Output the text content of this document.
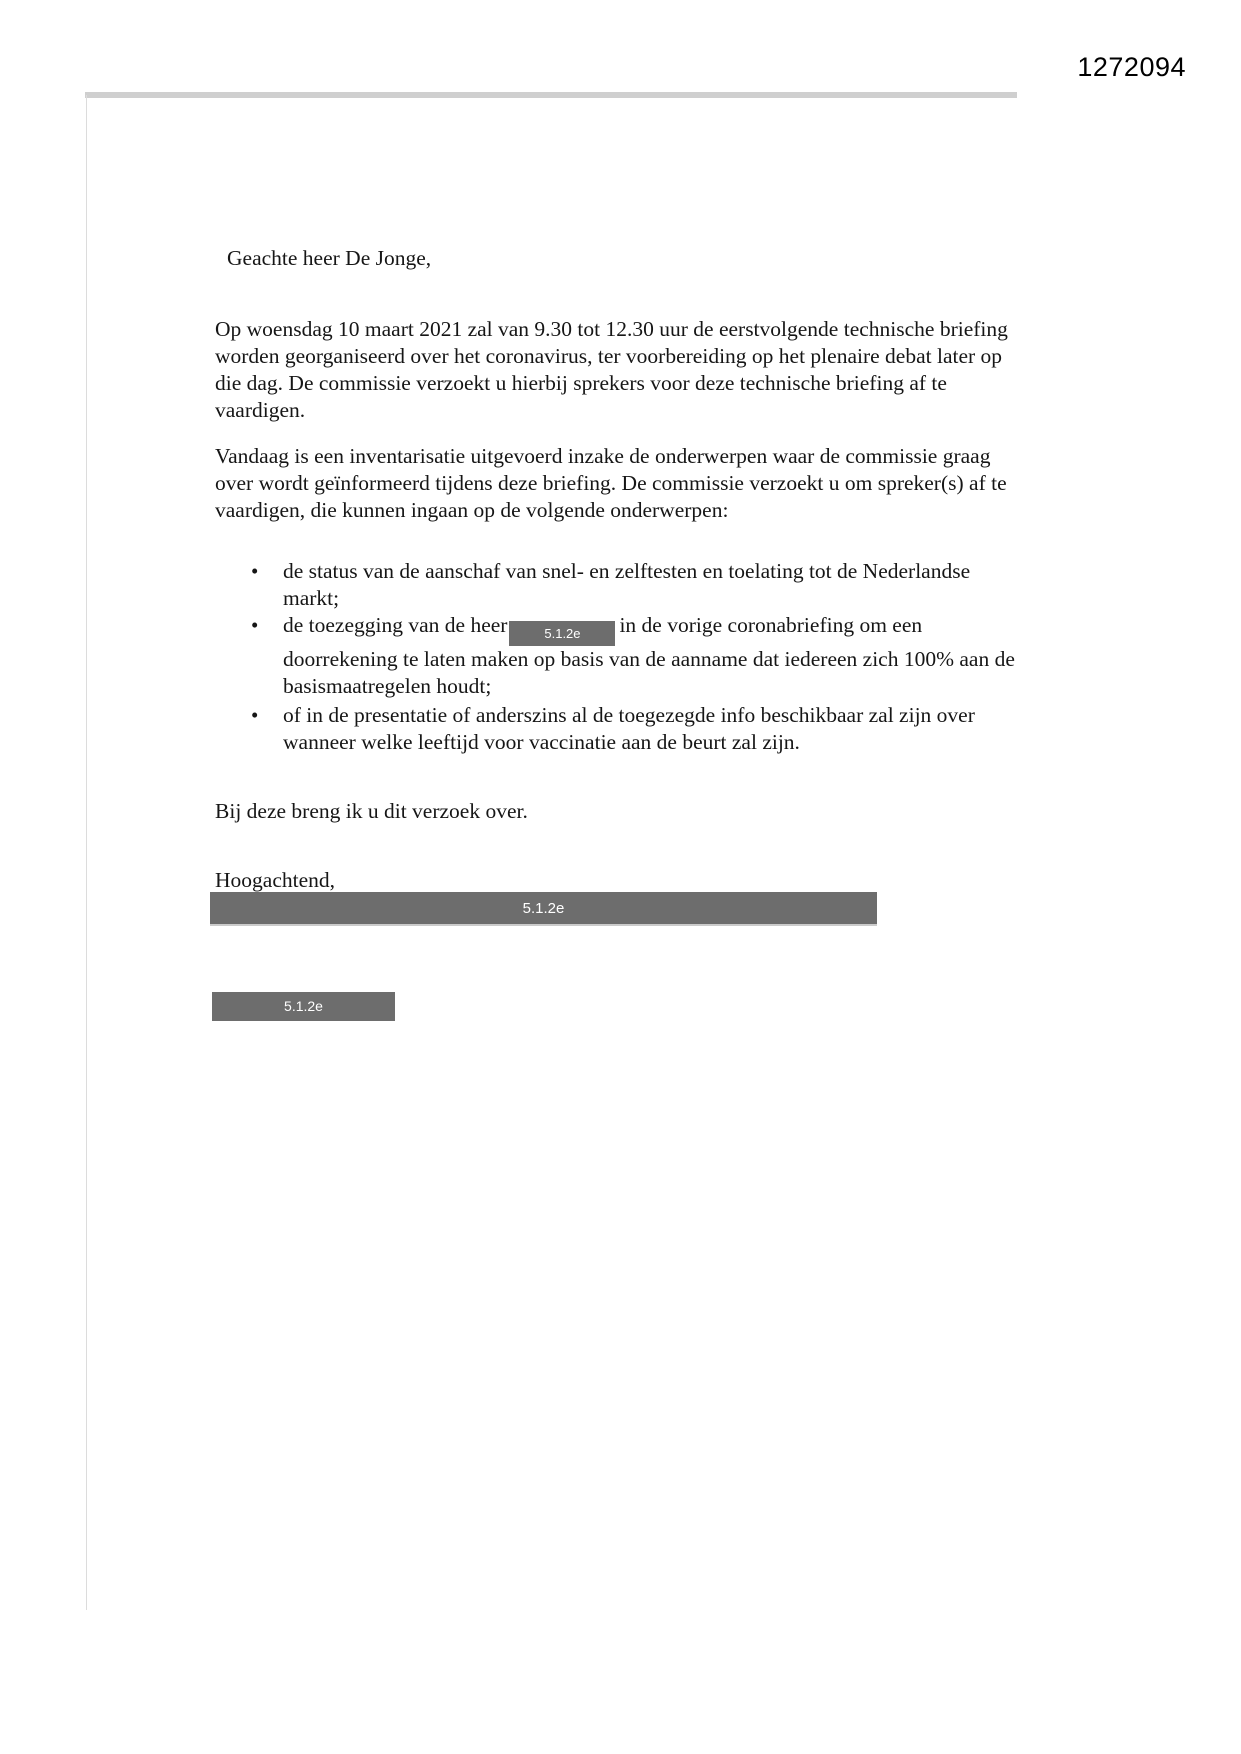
1272094
Geachte heer De Jonge,
Op woensdag 10 maart 2021 zal van 9.30 tot 12.30 uur de eerstvolgende technische briefing
worden georganiseerd over het coronavirus, ter voorbereiding op het plenaire debat later op
die dag. De commissie verzoekt u hierbij sprekers voor deze technische briefing af te
vaardigen.
Vandaag is een inventarisatie uitgevoerd inzake de onderwerpen waar de commissie graag
over wordt geïnformeerd tijdens deze briefing. De commissie verzoekt u om spreker(s) af te
vaardigen, die kunnen ingaan op de volgende onderwerpen:
•	de status van de aanschaf van snel- en zelftesten en toelating tot de Nederlandse
markt;
•	de toezegging van de heer	5.1.2e in de vorige coronabriefing om een
doorrekening te laten maken op basis van de aanname dat iedereen zich 100% aan de
basismaatregelen houdt;
•	of in de presentatie of anderszins al de toegezegde info beschikbaar zal zijn over
wanneer welke leeftijd voor vaccinatie aan de beurt zal zijn.
Bij deze breng ik u dit verzoek over.
Hoogachtend,
5.1.2e
5.1.2e
